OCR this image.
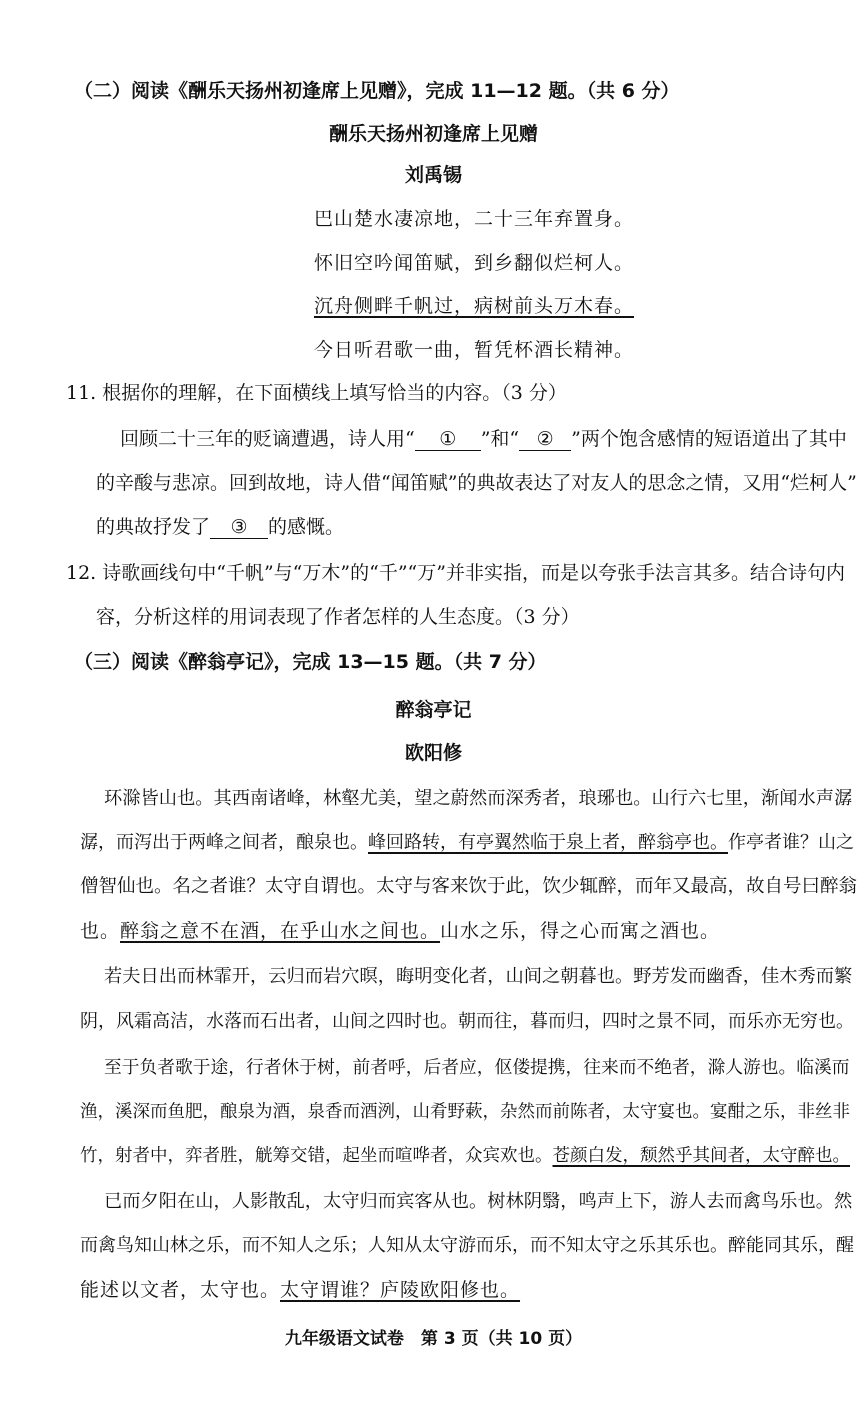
（二）阅读《酬乐天扬州初逢席上见赠》，完成 11—12 题。（共 6 分）
酬乐天扬州初逢席上见赠
刘禹锡
巴山楚水凄凉地，二十三年弃置身。
怀旧空吟闻笛赋，到乡翻似烂柯人。
沉舟侧畔千帆过，病树前头万木春。
今日听君歌一曲，暂凭杯酒长精神。
11. 根据你的理解，在下面横线上填写恰当的内容。（3 分）
回顾二十三年的贬谪遭遇，诗人用“ ① ”和“ ② ”两个饱含感情的短语道出了其中
的辛酸与悲凉。回到故地，诗人借“闻笛赋”的典故表达了对友人的思念之情，又用“烂柯人”
的典故抒发了 ③ 的感慨。
12. 诗歌画线句中“千帆”与“万木”的“千”“万”并非实指，而是以夸张手法言其多。结合诗句内
容，分析这样的用词表现了作者怎样的人生态度。（3 分）
（三）阅读《醉翁亭记》，完成 13—15 题。（共 7 分）
醉翁亭记
欧阳修
环滁皆山也。其西南诸峰，林壑尤美，望之蔚然而深秀者，琅琊也。山行六七里，渐闻水声潺
潺，而泻出于两峰之间者，酿泉也。峰回路转，有亭翼然临于泉上者，醉翁亭也。作亭者谁？山之
僧智仙也。名之者谁？太守自谓也。太守与客来饮于此，饮少辄醉，而年又最高，故自号曰醉翁
也。醉翁之意不在酒，在乎山水之间也。山水之乐，得之心而寓之酒也。
若夫日出而林霏开，云归而岩穴暝，晦明变化者，山间之朝暮也。野芳发而幽香，佳木秀而繁
阴，风霜高洁，水落而石出者，山间之四时也。朝而往，暮而归，四时之景不同，而乐亦无穷也。
至于负者歌于途，行者休于树，前者呼，后者应，伛偻提携，往来而不绝者，滁人游也。临溪而
渔，溪深而鱼肥，酿泉为酒，泉香而酒洌，山肴野蔌，杂然而前陈者，太守宴也。宴酣之乐，非丝非
竹，射者中，弈者胜，觥筹交错，起坐而喧哗者，众宾欢也。苍颜白发，颓然乎其间者，太守醉也。
已而夕阳在山，人影散乱，太守归而宾客从也。树林阴翳，鸣声上下，游人去而禽鸟乐也。然
而禽鸟知山林之乐，而不知人之乐；人知从太守游而乐，而不知太守之乐其乐也。醉能同其乐，醒
能述以文者，太守也。太守谓谁？庐陵欧阳修也。
九年级语文试卷　第 3 页（共 10 页）
